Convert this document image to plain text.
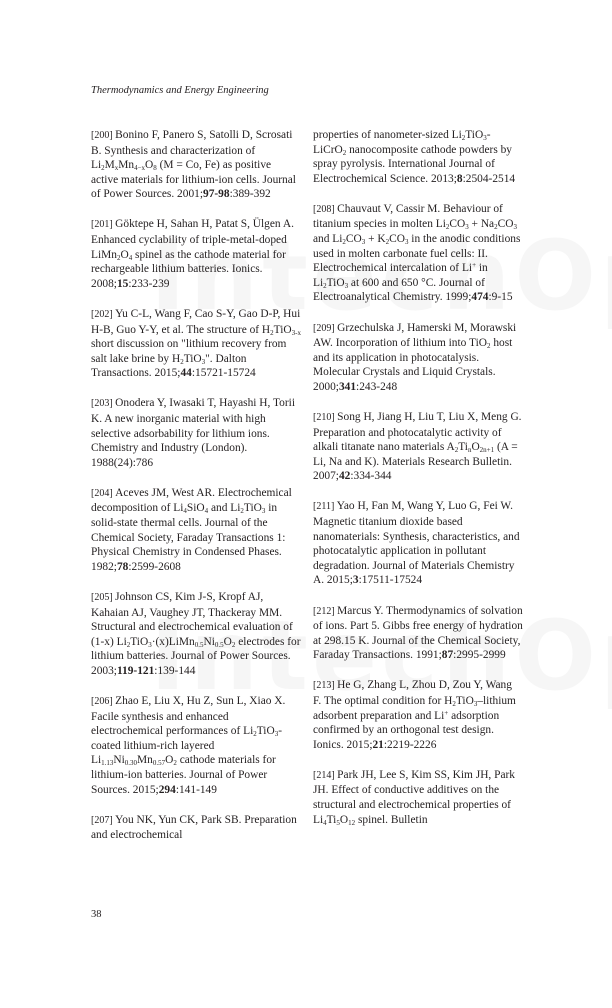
Thermodynamics and Energy Engineering

[200] Bonino F, Panero S, Satolli D, Scrosati B. Synthesis and characterization of $Li_2M_xMn_{4-x}O_8$ (M = Co, Fe) as positive active materials for lithium-ion cells. Journal of Power Sources. 2001;97-98:389-392

[201] Göktepe H, Sahan H, Patat S, Ülgen A. Enhanced cyclability of triple-metal-doped $LiMn_2O_4$ spinel as the cathode material for rechargeable lithium batteries. Ionics. 2008;15:233-239

[202] Yu C-L, Wang F, Cao S-Y, Gao D-P, Hui H-B, Guo Y-Y, et al. The structure of $H_2TiO_{3-x}$ short discussion on "lithium recovery from salt lake brine by $H_2TiO_3$". Dalton Transactions. 2015;44:15721-15724

[203] Onodera Y, Iwasaki T, Hayashi H, Torii K. A new inorganic material with high selective adsorbability for lithium ions. Chemistry and Industry (London). 1988(24):786

[204] Aceves JM, West AR. Electrochemical decomposition of $Li_4SiO_4$ and $Li_2TiO_3$ in solid-state thermal cells. Journal of the Chemical Society, Faraday Transactions 1: Physical Chemistry in Condensed Phases. 1982;78:2599-2608

[205] Johnson CS, Kim J-S, Kropf AJ, Kahaian AJ, Vaughey JT, Thackeray MM. Structural and electrochemical evaluation of (1-x) $Li_2TiO_3\cdot(x)LiMn_{0.5}Ni_{0.5}O_2$ electrodes for lithium batteries. Journal of Power Sources. 2003;119-121:139-144

[206] Zhao E, Liu X, Hu Z, Sun L, Xiao X. Facile synthesis and enhanced electrochemical performances of $Li_2TiO_3$-coated lithium-rich layered $Li_{1.13}Ni_{0.30}Mn_{0.57}O_2$ cathode materials for lithium-ion batteries. Journal of Power Sources. 2015;294:141-149

[207] You NK, Yun CK, Park SB. Preparation and electrochemical

properties of nanometer-sized $Li_2TiO_3-LiCrO_2$ nanocomposite cathode powders by spray pyrolysis. International Journal of Electrochemical Science. 2013;8:2504-2514

[208] Chauvaut V, Cassir M. Behaviour of titanium species in molten $Li_2CO_3 + Na_2CO_3$ and $Li_2CO_3 + K_2CO_3$ in the anodic conditions used in molten carbonate fuel cells: II. Electrochemical intercalation of Li+ in $Li_2TiO_3$ at 600 and 650 °C. Journal of Electroanalytical Chemistry. 1999;474:9-15

[209] Grzechulska J, Hamerski M, Morawski AW. Incorporation of lithium into TiO$_2$ host and its application in photocatalysis. Molecular Crystals and Liquid Crystals. 2000;341:243-248

[210] Song H, Jiang H, Liu T, Liu X, Meng G. Preparation and photocatalytic activity of alkali titanate nano materials $A_2Ti_nO_{2n+1}$ (A = Li, Na and K). Materials Research Bulletin. 2007;42:334-344

[211] Yao H, Fan M, Wang Y, Luo G, Fei W. Magnetic titanium dioxide based nanomaterials: Synthesis, characteristics, and photocatalytic application in pollutant degradation. Journal of Materials Chemistry A. 2015;3:17511-17524

[212] Marcus Y. Thermodynamics of solvation of ions. Part 5. Gibbs free energy of hydration at 298.15 K. Journal of the Chemical Society, Faraday Transactions. 1991;87:2995-2999

[213] He G, Zhang L, Zhou D, Zou Y, Wang F. The optimal condition for $H_2TiO_3$–lithium adsorbent preparation and Li+ adsorption confirmed by an orthogonal test design. Ionics. 2015;21:2219-2226

[214] Park JH, Lee S, Kim SS, Kim JH, Park JH. Effect of conductive additives on the structural and electrochemical properties of $Li_4Ti_5O_{12}$ spinel. Bulletin

38
